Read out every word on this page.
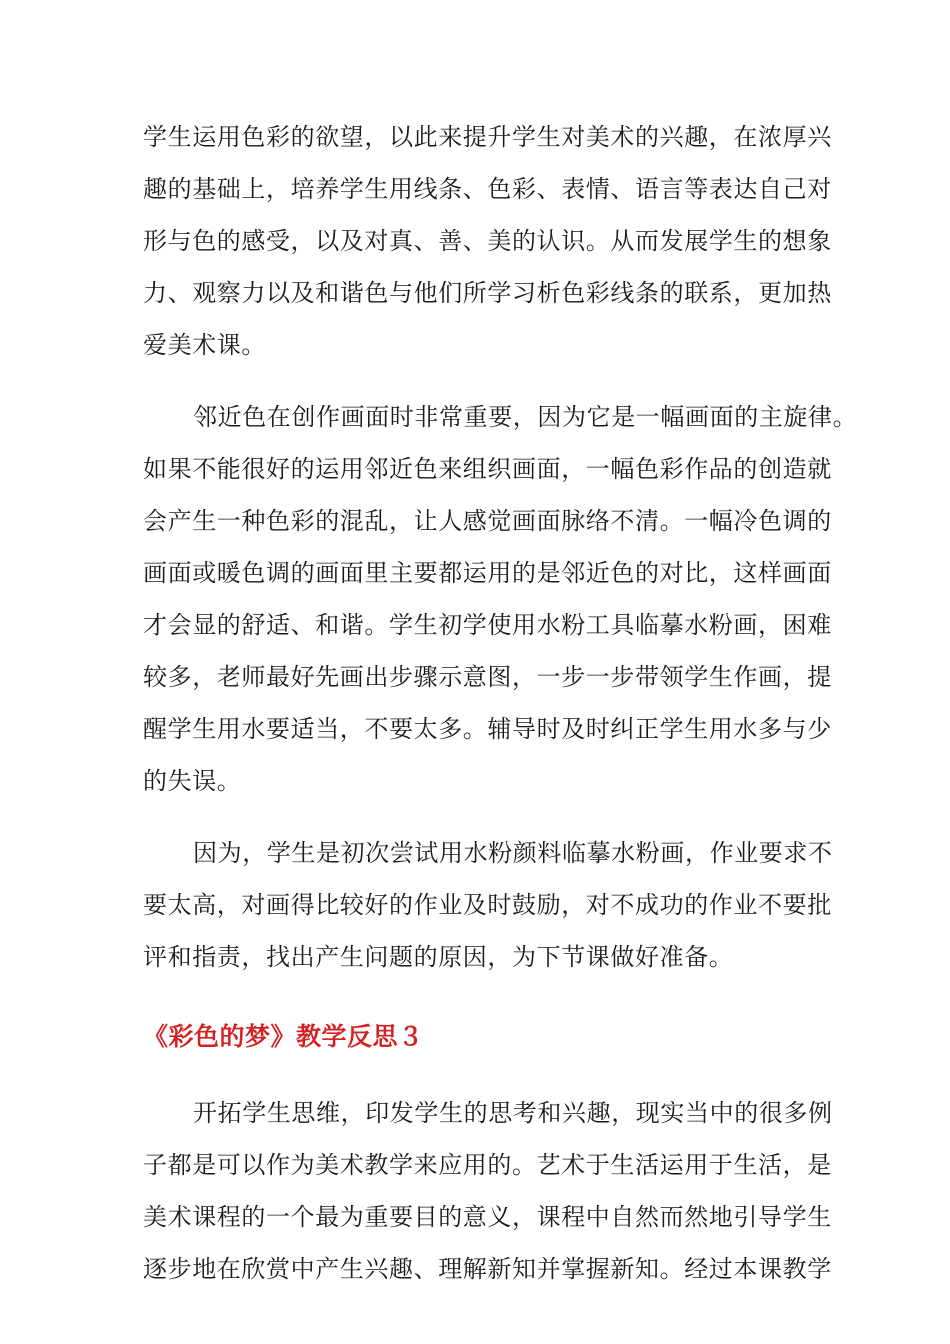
学生运用色彩的欲望，以此来提升学生对美术的兴趣，在浓厚兴
趣的基础上，培养学生用线条、色彩、表情、语言等表达自己对
形与色的感受，以及对真、善、美的认识。从而发展学生的想象
力、观察力以及和谐色与他们所学习析色彩线条的联系，更加热
爱美术课。
邻近色在创作画面时非常重要，因为它是一幅画面的主旋律。
如果不能很好的运用邻近色来组织画面，一幅色彩作品的创造就
会产生一种色彩的混乱，让人感觉画面脉络不清。一幅冷色调的
画面或暖色调的画面里主要都运用的是邻近色的对比，这样画面
才会显的舒适、和谐。学生初学使用水粉工具临摹水粉画，困难
较多，老师最好先画出步骤示意图，一步一步带领学生作画，提
醒学生用水要适当，不要太多。辅导时及时纠正学生用水多与少
的失误。
因为，学生是初次尝试用水粉颜料临摹水粉画，作业要求不
要太高，对画得比较好的作业及时鼓励，对不成功的作业不要批
评和指责，找出产生问题的原因，为下节课做好准备。
《彩色的梦》教学反思３
开拓学生思维，印发学生的思考和兴趣，现实当中的很多例
子都是可以作为美术教学来应用的。艺术于生活运用于生活，是
美术课程的一个最为重要目的意义，课程中自然而然地引导学生
逐步地在欣赏中产生兴趣、理解新知并掌握新知。经过本课教学
